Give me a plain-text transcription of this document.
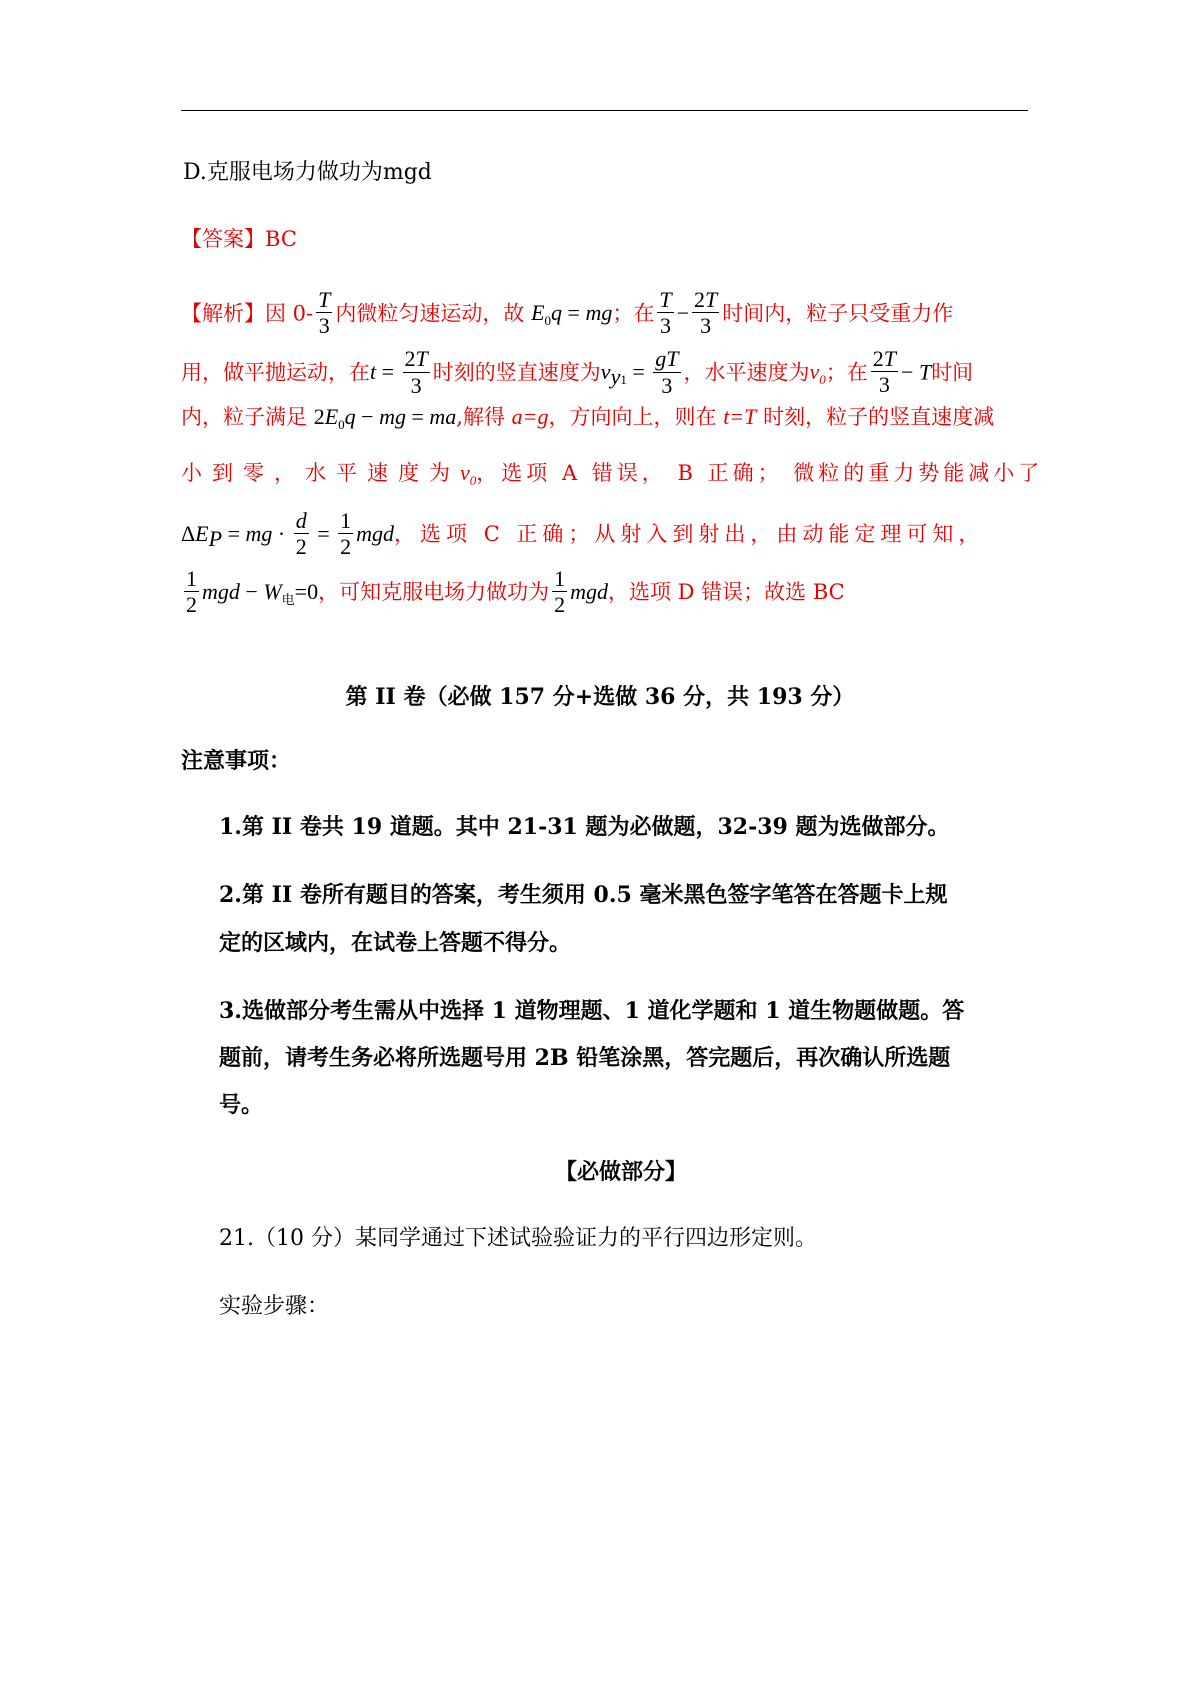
D.克服电场力做功为mgd
【答案】BC
【解析】因 $0- \frac{T}{3}$ 内微粒匀速运动，故 $E_0q$ = mg；在 $\frac{T}{3} - \frac{2T}{3}$ 时间内，粒子只受重力作
用，做平抛运动，在$t = \frac{2T}{3}$ 时刻的竖直速度为$v_{y1} = \frac{gT}{3}$ ，水平速度为$v_0$；在 $\frac{2T}{3} - T$时间
内，粒子满足 $2E_0q$ − mg = ma,解得 a=g，方向向上，则在 t=T 时刻，粒子的竖直速度减
小到零，水平速度为$v_0$，选项 A 错误， B 正确； 微粒的重力势能减小了
$\Delta E_P$ = mg · $\frac{d}{2} = \frac{1}{2}$ mgd，选项 C 正确；从射入到射出，由动能定理可知，
$\frac{1}{2}$ mgd − $W_电=0$，可知克服电场力做功为 $\frac{1}{2}$ mgd，选项 D 错误；故选 BC
第 II 卷（必做 157 分+选做 36 分，共 193 分）
注意事项：
1.第 II 卷共 19 道题。其中 21-31 题为必做题，32-39 题为选做部分。
2.第 II 卷所有题目的答案，考生须用 0.5 毫米黑色签字笔答在答题卡上规
定的区域内，在试卷上答题不得分。
3.选做部分考生需从中选择 1 道物理题、1 道化学题和 1 道生物题做题。答
题前，请考生务必将所选题号用 2B 铅笔涂黑，答完题后，再次确认所选题
号。
【必做部分】
21.（10 分）某同学通过下述试验验证力的平行四边形定则。
实验步骤：
